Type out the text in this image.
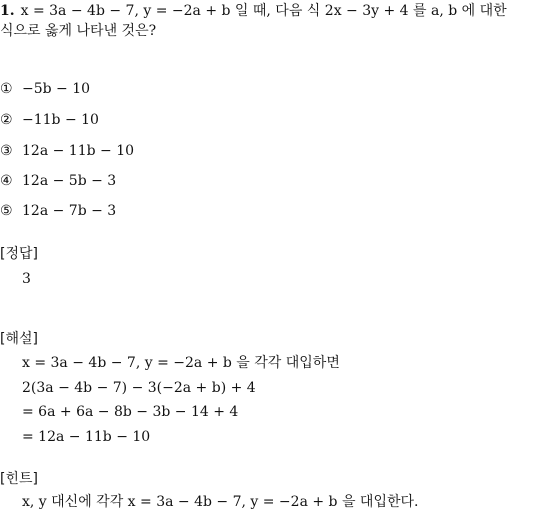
1. x = 3a − 4b − 7, y = −2a + b 일 때, 다음 식 2x − 3y + 4 를 a, b 에 대한
식으로 옳게 나타낸 것은?
① −5b − 10
② −11b − 10
③ 12a − 11b − 10
④ 12a − 5b − 3
⑤ 12a − 7b − 3
[정답]
3
[해설]
x = 3a − 4b − 7, y = −2a + b 을 각각 대입하면
2(3a − 4b − 7) − 3(−2a + b) + 4
= 6a + 6a − 8b − 3b − 14 + 4
= 12a − 11b − 10
[힌트]
x, y 대신에 각각 x = 3a − 4b − 7, y = −2a + b 을 대입한다.
